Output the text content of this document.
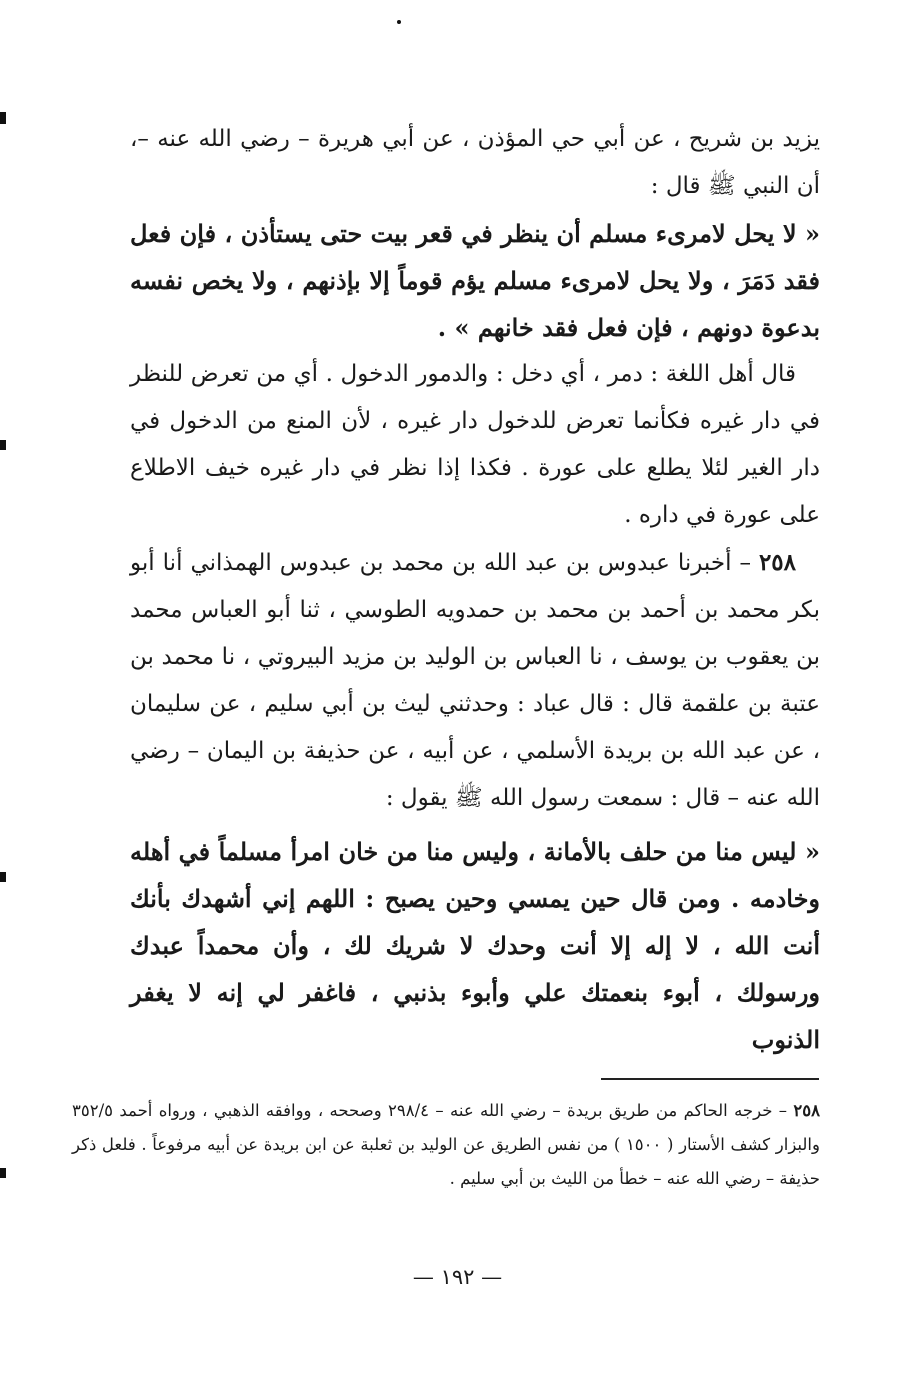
يزيد بن شريح ، عن أبي حي المؤذن ، عن أبي هريرة – رضي الله عنه –، أن النبي ﷺ قال :

« لا يحل لامرىء مسلم أن ينظر في قعر بيت حتى يستأذن ، فإن فعل فقد دَمَرَ ، ولا يحل لامرىء مسلم يؤم قوماً إلا بإذنهم ، ولا يخص نفسه بدعوة دونهم ، فإن فعل فقد خانهم » .

قال أهل اللغة : دمر ، أي دخل : والدمور الدخول . أي من تعرض للنظر في دار غيره فكأنما تعرض للدخول دار غيره ، لأن المنع من الدخول في دار الغير لئلا يطلع على عورة . فكذا إذا نظر في دار غيره خيف الاطلاع على عورة في داره .

٢٥٨ – أخبرنا عبدوس بن عبد الله بن محمد بن عبدوس الهمذاني أنا أبو بكر محمد بن أحمد بن محمد بن حمدويه الطوسي ، ثنا أبو العباس محمد بن يعقوب بن يوسف ، نا العباس بن الوليد بن مزيد البيروتي ، نا محمد بن عتبة بن علقمة قال : قال عباد : وحدثني ليث بن أبي سليم ، عن سليمان ، عن عبد الله بن بريدة الأسلمي ، عن أبيه ، عن حذيفة بن اليمان – رضي الله عنه – قال : سمعت رسول الله ﷺ يقول :

« ليس منا من حلف بالأمانة ، وليس منا من خان امرأ مسلماً في أهله وخادمه . ومن قال حين يمسي وحين يصبح : اللهم إني أشهدك بأنك أنت الله ، لا إله إلا أنت وحدك لا شريك لك ، وأن محمداً عبدك ورسولك ، أبوء بنعمتك علي وأبوء بذنبي ، فاغفر لي إنه لا يغفر الذنوب

٢٥٨ – خرجه الحاكم من طريق بريدة – رضي الله عنه – ٢٩٨/٤ وصححه ، ووافقه الذهبي ، ورواه أحمد ٣٥٢/٥ والبزار كشف الأستار ( ١٥٠٠ ) من نفس الطريق عن الوليد بن ثعلبة عن ابن بريدة عن أبيه مرفوعاً . فلعل ذكر حذيفة – رضي الله عنه – خطأ من الليث بن أبي سليم .
— ١٩٢ —
